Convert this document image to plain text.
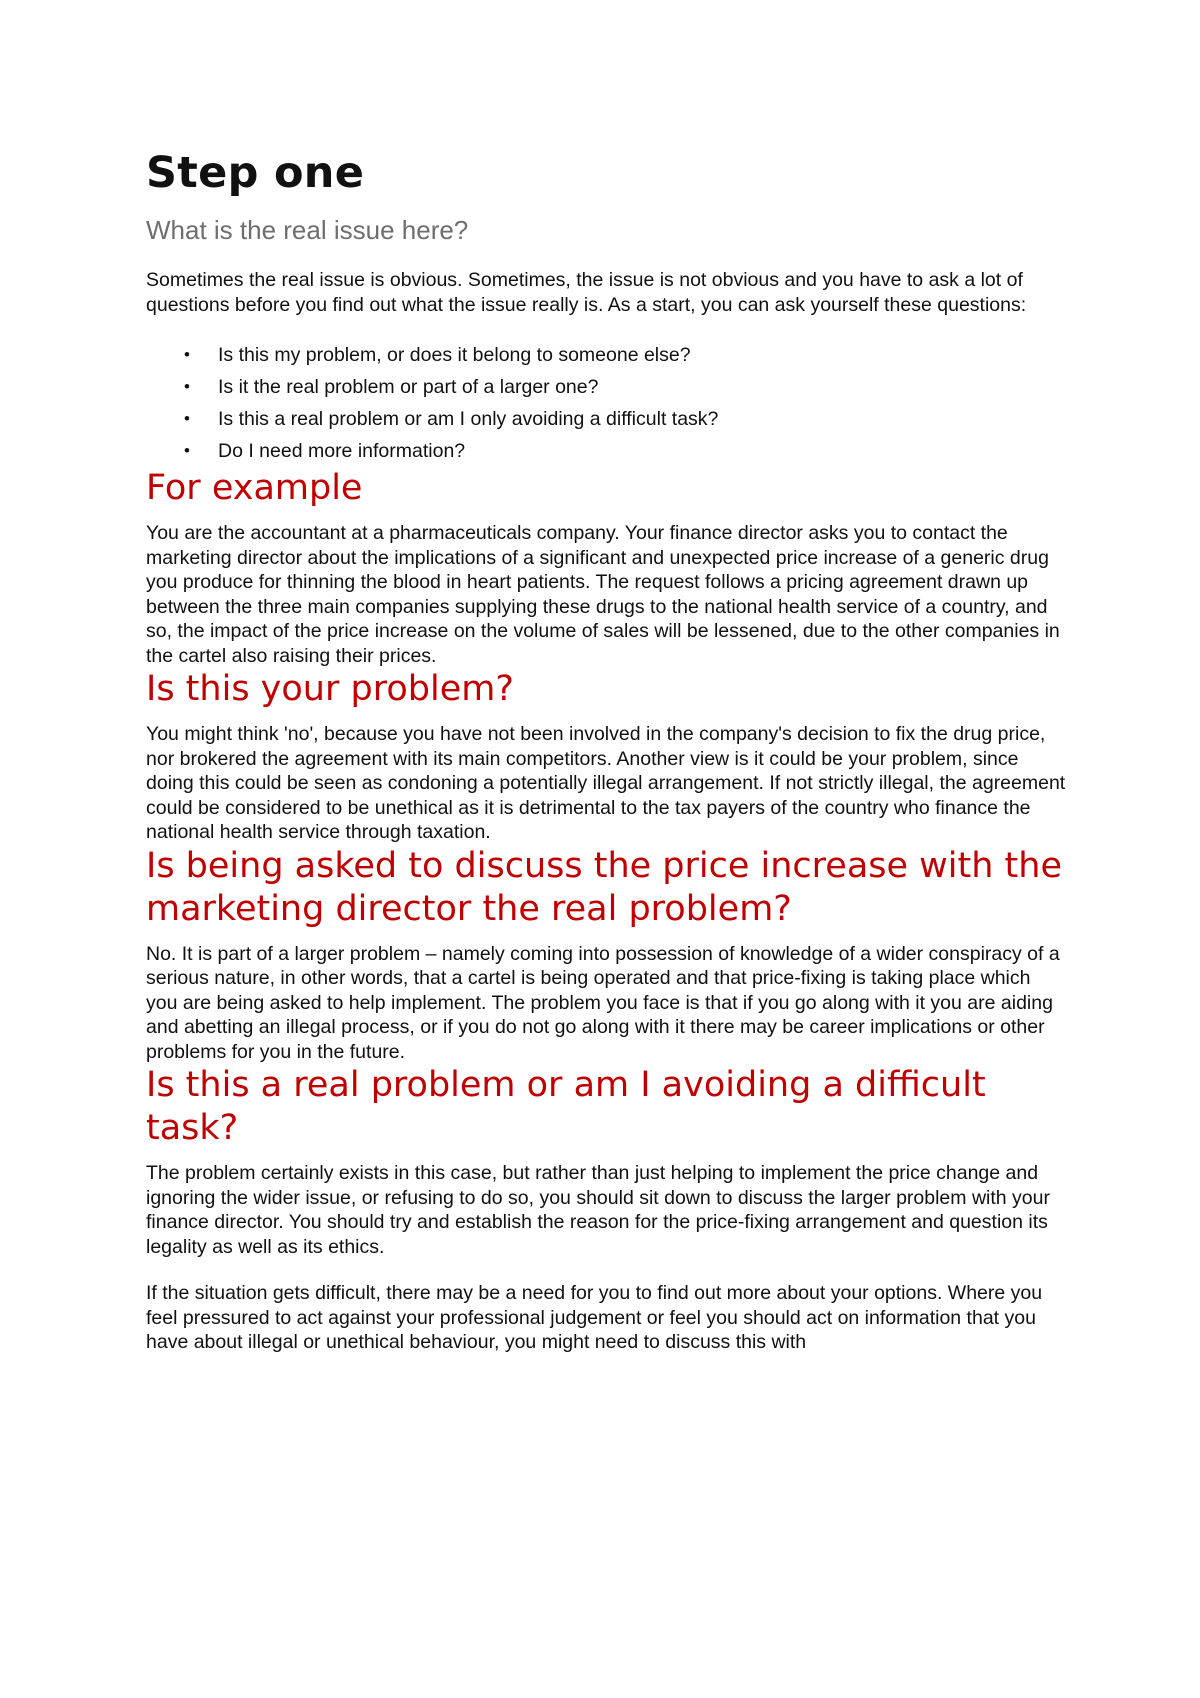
Step one
What is the real issue here?

Sometimes the real issue is obvious. Sometimes, the issue is not obvious and you have to ask a lot of questions before you find out what the issue really is. As a start, you can ask yourself these questions:

• Is this my problem, or does it belong to someone else?
• Is it the real problem or part of a larger one?
• Is this a real problem or am I only avoiding a difficult task?
• Do I need more information?
For example

You are the accountant at a pharmaceuticals company. Your finance director asks you to contact the marketing director about the implications of a significant and unexpected price increase of a generic drug you produce for thinning the blood in heart patients. The request follows a pricing agreement drawn up between the three main companies supplying these drugs to the national health service of a country, and so, the impact of the price increase on the volume of sales will be lessened, due to the other companies in the cartel also raising their prices.

Is this your problem?

You might think 'no', because you have not been involved in the company's decision to fix the drug price, nor brokered the agreement with its main competitors. Another view is it could be your problem, since doing this could be seen as condoning a potentially illegal arrangement. If not strictly illegal, the agreement could be considered to be unethical as it is detrimental to the tax payers of the country who finance the national health service through taxation.

Is being asked to discuss the price increase with the marketing director the real problem?

No. It is part of a larger problem – namely coming into possession of knowledge of a wider conspiracy of a serious nature, in other words, that a cartel is being operated and that price-fixing is taking place which you are being asked to help implement. The problem you face is that if you go along with it you are aiding and abetting an illegal process, or if you do not go along with it there may be career implications or other problems for you in the future.

Is this a real problem or am I avoiding a difficult task?

The problem certainly exists in this case, but rather than just helping to implement the price change and ignoring the wider issue, or refusing to do so, you should sit down to discuss the larger problem with your finance director. You should try and establish the reason for the price-fixing arrangement and question its legality as well as its ethics.

If the situation gets difficult, there may be a need for you to find out more about your options. Where you feel pressured to act against your professional judgement or feel you should act on information that you have about illegal or unethical behaviour, you might need to discuss this with
